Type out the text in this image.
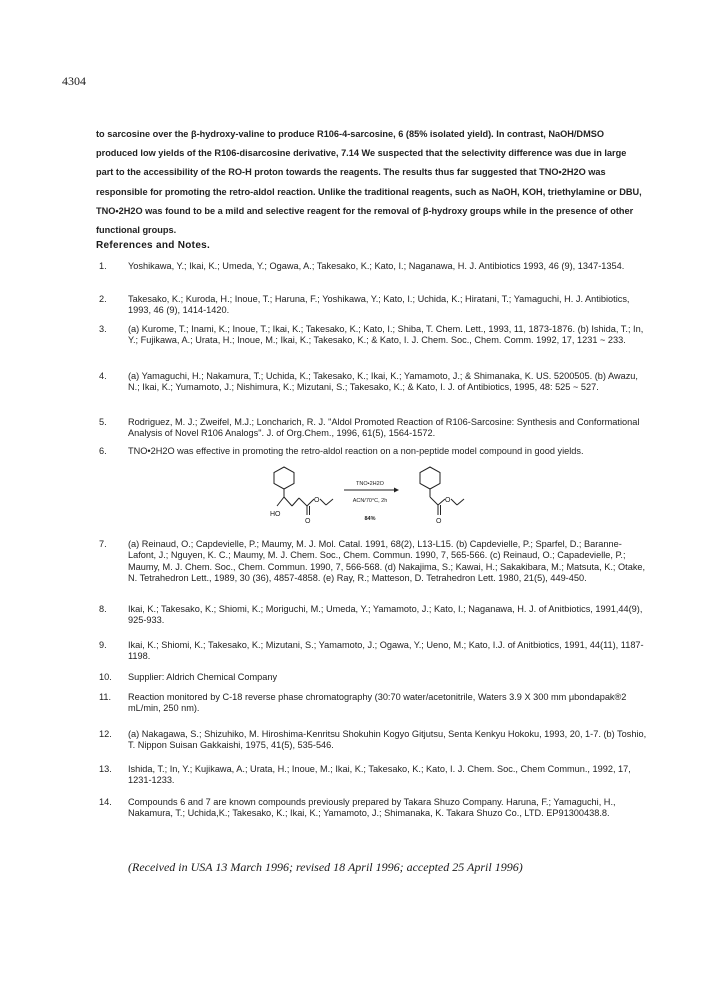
4304
to sarcosine over the β-hydroxy-valine to produce R106-4-sarcosine, 6 (85% isolated yield). In contrast, NaOH/DMSO produced low yields of the R106-disarcosine derivative, 7.14 We suspected that the selectivity difference was due in large part to the accessibility of the RO-H proton towards the reagents. The results thus far suggested that TNO•2H2O was responsible for promoting the retro-aldol reaction. Unlike the traditional reagents, such as NaOH, KOH, triethylamine or DBU, TNO•2H2O was found to be a mild and selective reagent for the removal of β-hydroxy groups while in the presence of other functional groups.
References and Notes.
1. Yoshikawa, Y.; Ikai, K.; Umeda, Y.; Ogawa, A.; Takesako, K.; Kato, I.; Naganawa, H. J. Antibiotics 1993, 46 (9), 1347-1354.
2. Takesako, K.; Kuroda, H.; Inoue, T.; Haruna, F.; Yoshikawa, Y.; Kato, I.; Uchida, K.; Hiratani, T.; Yamaguchi, H. J. Antibiotics, 1993, 46 (9), 1414-1420.
3. (a) Kurome, T.; Inami, K.; Inoue, T.; Ikai, K.; Takesako, K.; Kato, I.; Shiba, T. Chem. Lett., 1993, 11, 1873-1876. (b) Ishida, T.; In, Y.; Fujikawa, A.; Urata, H.; Inoue, M.; Ikai, K.; Takesako, K.; & Kato, I. J. Chem. Soc., Chem. Comm. 1992, 17, 1231 ~ 233.
4. (a) Yamaguchi, H.; Nakamura, T.; Uchida, K.; Takesako, K.; Ikai, K.; Yamamoto, J.; & Shimanaka, K. US. 5200505. (b) Awazu, N.; Ikai, K.; Yumamoto, J.; Nishimura, K.; Mizutani, S.; Takesako, K.; & Kato, I. J. of Antibiotics, 1995, 48: 525 ~ 527.
5. Rodriguez, M. J.; Zweifel, M.J.; Loncharich, R. J. "Aldol Promoted Reaction of R106-Sarcosine: Synthesis and Conformational Analysis of Novel R106 Analogs". J. of Org.Chem., 1996, 61(5), 1564-1572.
6. TNO•2H2O was effective in promoting the retro-aldol reaction on a non-peptide model compound in good yields.
HO
O
O
TNO•2H2O
ACN/70°C, 2h
84%
O
O
7. (a) Reinaud, O.; Capdevielle, P.; Maumy, M. J. Mol. Catal. 1991, 68(2), L13-L15. (b) Capdevielle, P.; Sparfel, D.; Baranne-Lafont, J.; Nguyen, K. C.; Maumy, M. J. Chem. Soc., Chem. Commun. 1990, 7, 565-566. (c) Reinaud, O.; Capadevielle, P.; Maumy, M. J. Chem. Soc., Chem. Commun. 1990, 7, 566-568. (d) Nakajima, S.; Kawai, H.; Sakakibara, M.; Matsuta, K.; Otake, N. Tetrahedron Lett., 1989, 30 (36), 4857-4858. (e) Ray, R.; Matteson, D. Tetrahedron Lett. 1980, 21(5), 449-450.
8. Ikai, K.; Takesako, K.; Shiomi, K.; Moriguchi, M.; Umeda, Y.; Yamamoto, J.; Kato, I.; Naganawa, H. J. of Anitbiotics, 1991,44(9), 925-933.
9. Ikai, K.; Shiomi, K.; Takesako, K.; Mizutani, S.; Yamamoto, J.; Ogawa, Y.; Ueno, M.; Kato, I.J. of Anitbiotics, 1991, 44(11), 1187-1198.
10. Supplier: Aldrich Chemical Company
11. Reaction monitored by C-18 reverse phase chromatography (30:70 water/acetonitrile, Waters 3.9 X 300 mm μbondapak®2 mL/min, 250 nm).
12. (a) Nakagawa, S.; Shizuhiko, M. Hiroshima-Kenritsu Shokuhin Kogyo Gitjutsu, Senta Kenkyu Hokoku, 1993, 20, 1-7. (b) Toshio, T. Nippon Suisan Gakkaishi, 1975, 41(5), 535-546.
13. Ishida, T.; In, Y.; Kujikawa, A.; Urata, H.; Inoue, M.; Ikai, K.; Takesako, K.; Kato, I. J. Chem. Soc., Chem Commun., 1992, 17, 1231-1233.
14. Compounds 6 and 7 are known compounds previously prepared by Takara Shuzo Company. Haruna, F.; Yamaguchi, H., Nakamura, T.; Uchida,K.; Takesako, K.; Ikai, K.; Yamamoto, J.; Shimanaka, K. Takara Shuzo Co., LTD. EP91300438.8.
(Received in USA 13 March 1996; revised 18 April 1996; accepted 25 April 1996)
